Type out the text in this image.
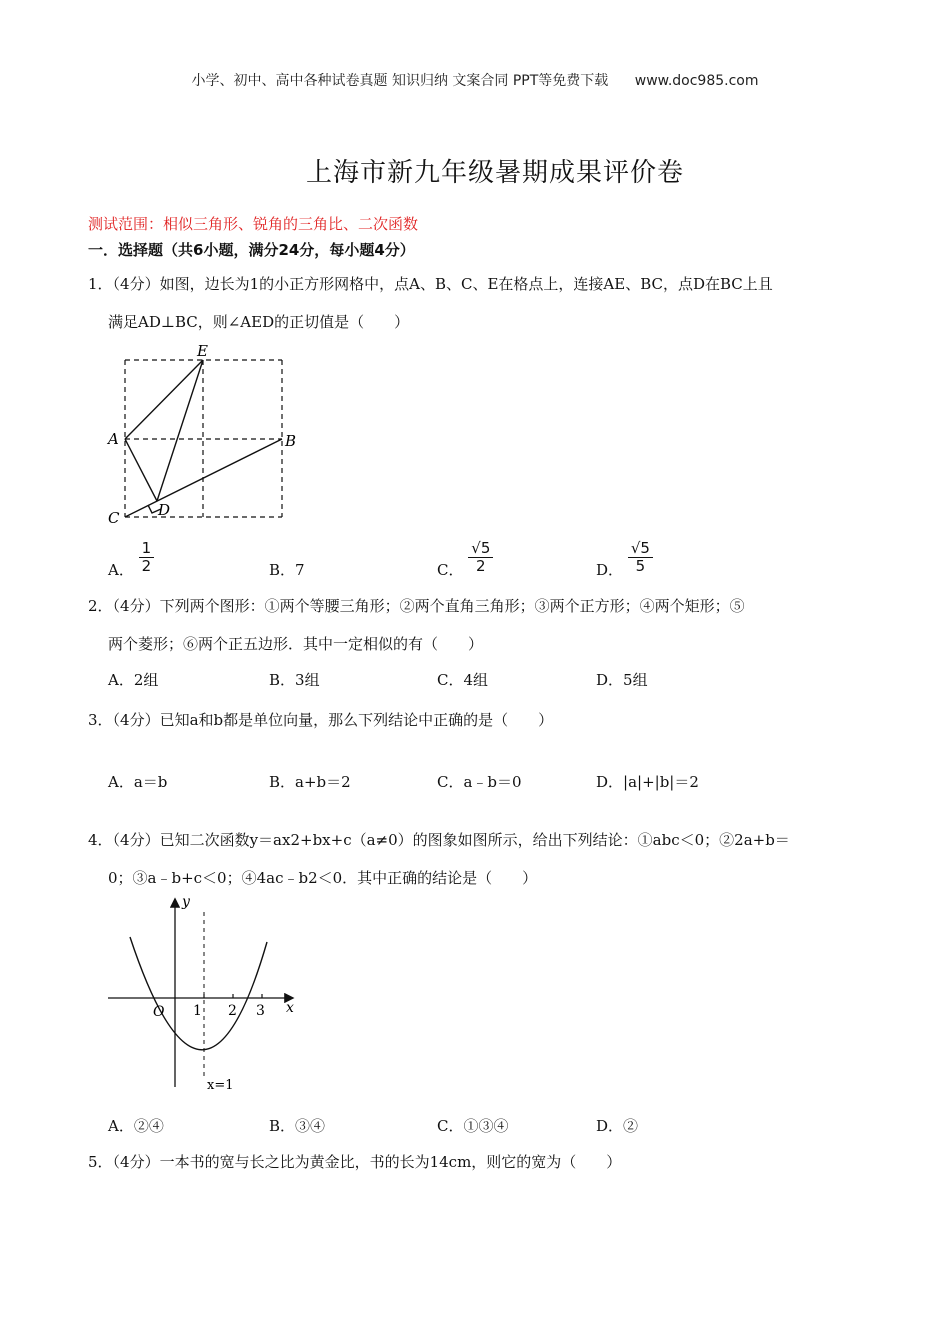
小学、初中、高中各种试卷真题 知识归纳 文案合同 PPT等免费下载 www.doc985.com
上海市新九年级暑期成果评价卷
测试范围：相似三角形、锐角的三角比、二次函数
一．选择题（共6小题，满分24分，每小题4分）
1．（4分）如图，边长为1的小正方形网格中，点A、B、C、E在格点上，连接AE、BC，点D在BC上且
满足AD⊥BC，则∠AED的正切值是（　　）
E
A	B
C	D
A． $\frac{1}{2}$	B．7	C． $\frac{√5}{2}$	D． $\frac{√5}{5}$
2．（4分）下列两个图形：①两个等腰三角形；②两个直角三角形；③两个正方形；④两个矩形；⑤
两个菱形；⑥两个正五边形．其中一定相似的有（　　）
A．2组	B．3组	C．4组	D．5组
3．（4分）已知a和b都是单位向量，那么下列结论中正确的是（　　）
A．a＝b	B．a+b＝2	C．a﹣b＝0	D．|a|+|b|＝2
4．（4分）已知二次函数y＝ax2+bx+c（a≠0）的图象如图所示，给出下列结论：①abc＜0；②2a+b＝
0；③a﹣b+c＜0；④4ac﹣b2＜0．其中正确的结论是（　　）
y
x
O 1 2 3
x=1
A．②④	B．③④	C．①③④	D．②
5．（4分）一本书的宽与长之比为黄金比，书的长为14cm，则它的宽为（　　）
